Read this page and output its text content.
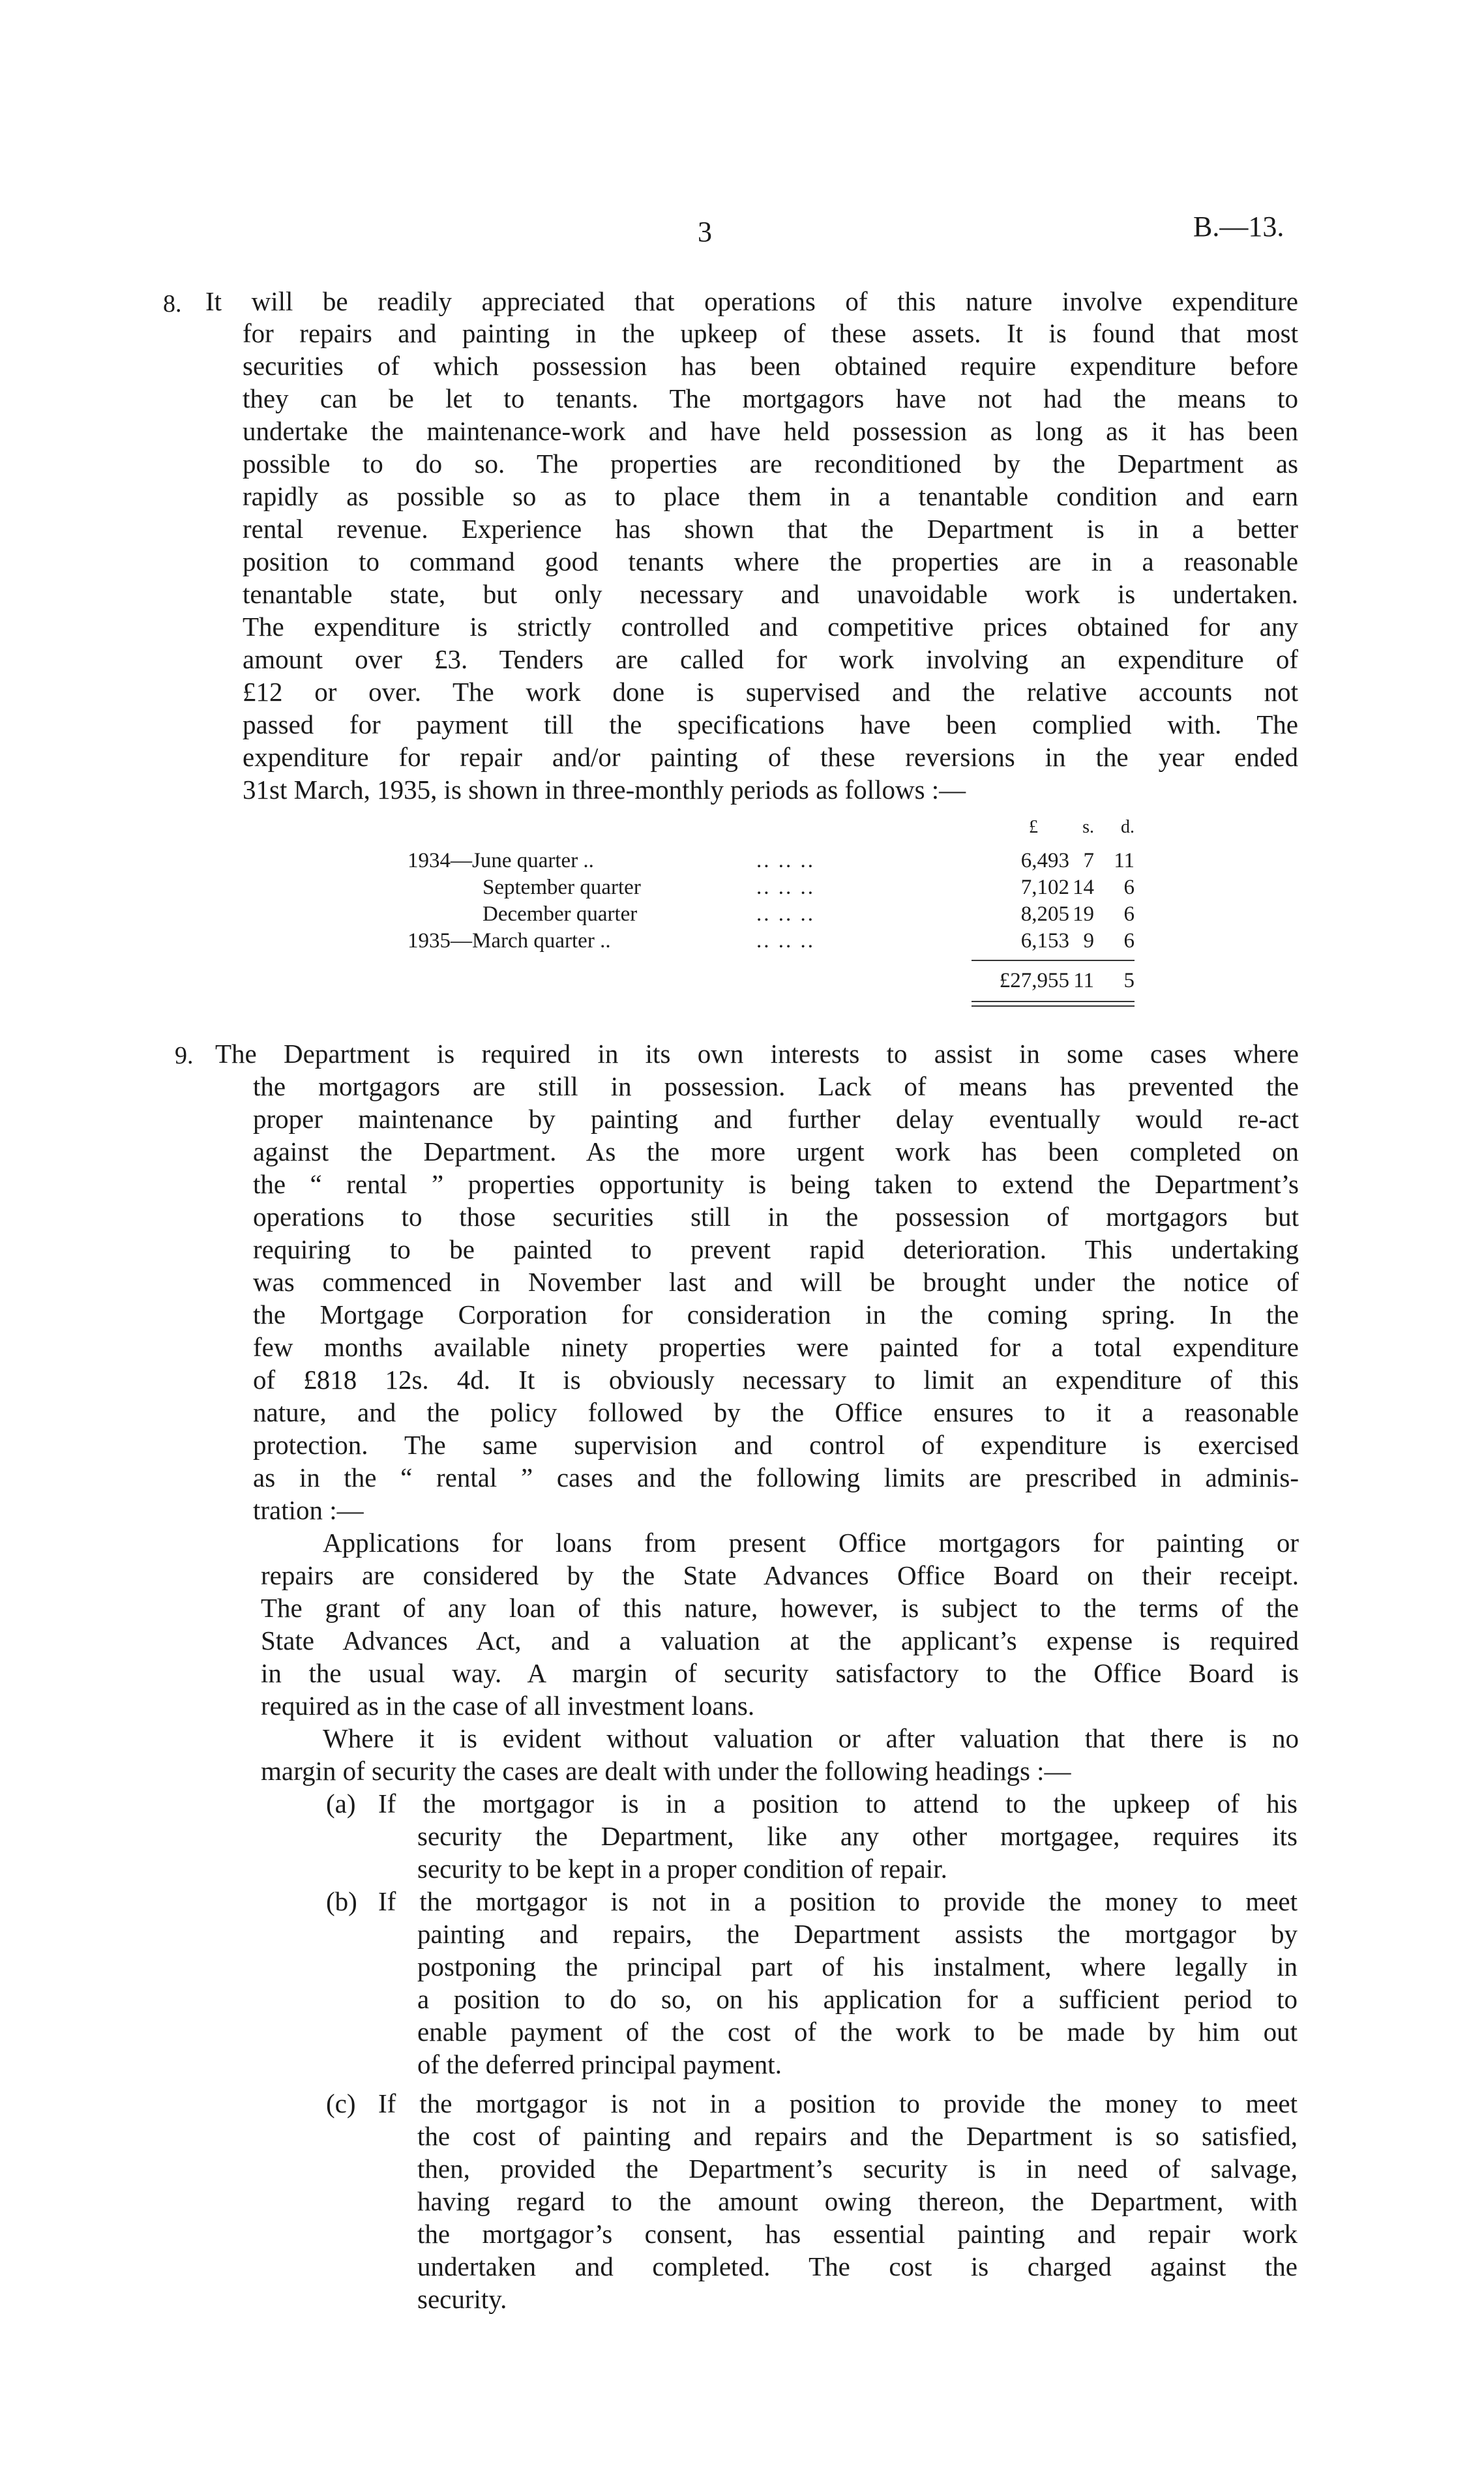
3	B.—13.
8. It will be readily appreciated that operations of this nature involve expenditure
for repairs and painting in the upkeep of these assets. It is found that most
securities of which possession has been obtained require expenditure before
they can be let to tenants. The mortgagors have not had the means to
undertake the maintenance-work and have held possession as long as it has been
possible to do so. The properties are reconditioned by the Department as
rapidly as possible so as to place them in a tenantable condition and earn
rental revenue. Experience has shown that the Department is in a better
position to command good tenants where the properties are in a reasonable
tenantable state, but only necessary and unavoidable work is undertaken.
The expenditure is strictly controlled and competitive prices obtained for any
amount over £3. Tenders are called for work involving an expenditure of
£12 or over. The work done is supervised and the relative accounts not
passed for payment till the specifications have been complied with. The
expenditure for repair and/or painting of these reversions in the year ended
31st March, 1935, is shown in three-monthly periods as follows :—
£	s.	d.
1934—June quarter ..	.. .. ..	6,493 7 11
September quarter	.. .. ..	7,102 14	6
December quarter	.. .. ..	8,205 19	6
1935—March quarter ..	.. .. ..	6,153 9	6
£27,955 11	5
9. The Department is required in its own interests to assist in some cases where
the mortgagors are still in possession. Lack of means has prevented the
proper maintenance by painting and further delay eventually would re-act
against the Department. As the more urgent work has been completed on
the “ rental ” properties opportunity is being taken to extend the Department’s
operations to those securities still in the possession of mortgagors but
requiring to be painted to prevent rapid deterioration. This undertaking
was commenced in November last and will be brought under the notice of
the Mortgage Corporation for consideration in the coming spring. In the
few months available ninety properties were painted for a total expenditure
of £818 12s. 4d. It is obviously necessary to limit an expenditure of this
nature, and the policy followed by the Office ensures to it a reasonable
protection. The same supervision and control of expenditure is exercised
as in the “ rental ” cases and the following limits are prescribed in adminis-
tration :—
Applications for loans from present Office mortgagors for painting or
repairs are considered by the State Advances Office Board on their receipt.
The grant of any loan of this nature, however, is subject to the terms of the
State Advances Act, and a valuation at the applicant’s expense is required
in the usual way. A margin of security satisfactory to the Office Board is
required as in the case of all investment loans.
Where it is evident without valuation or after valuation that there is no
margin of security the cases are dealt with under the following headings :—
(a) If the mortgagor is in a position to attend to the upkeep of his
security the Department, like any other mortgagee, requires its
security to be kept in a proper condition of repair.
(b) If the mortgagor is not in a position to provide the money to meet
painting and repairs, the Department assists the mortgagor by
postponing the principal part of his instalment, where legally in
a position to do so, on his application for a sufficient period to
enable payment of the cost of the work to be made by him out
of the deferred principal payment.
(c) If the mortgagor is not in a position to provide the money to meet
the cost of painting and repairs and the Department is so satisfied,
then, provided the Department’s security is in need of salvage,
having regard to the amount owing thereon, the Department, with
the mortgagor’s consent, has essential painting and repair work
undertaken and completed. The cost is charged against the
security.
